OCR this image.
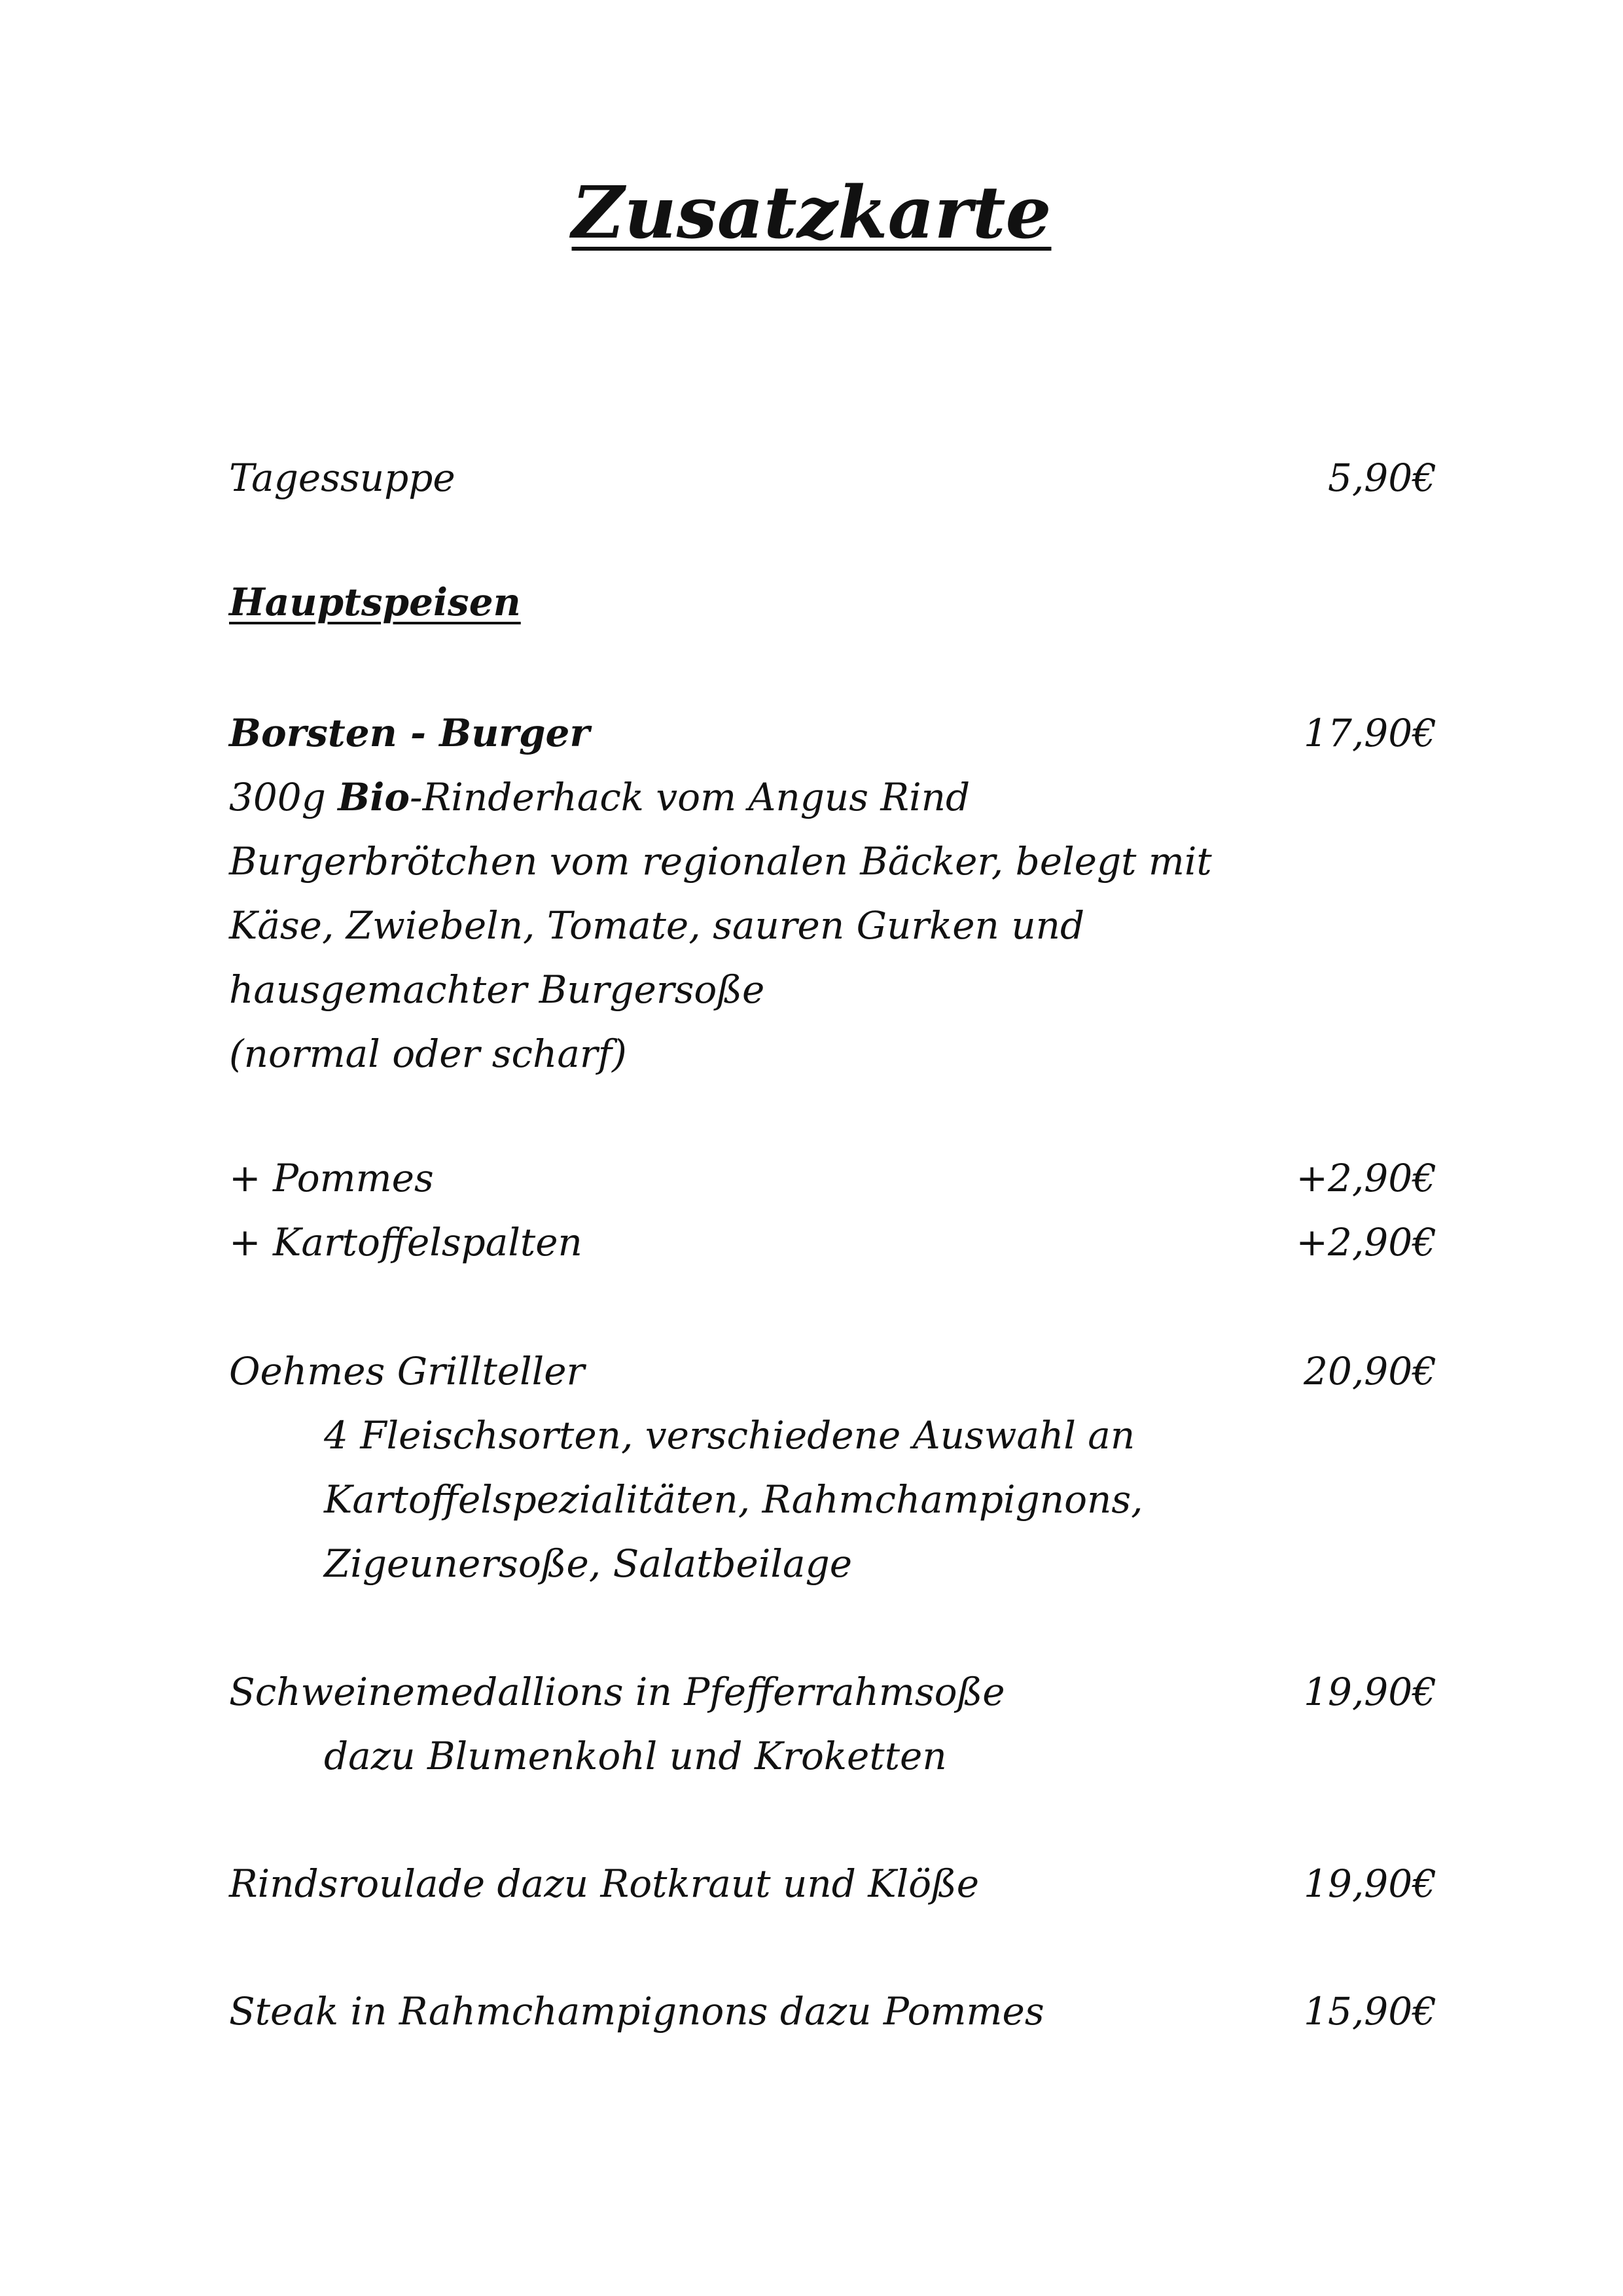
Zusatzkarte
Tagessuppe	5,90€
Hauptspeisen
Borsten - Burger	17,90€
300g Bio-Rinderhack vom Angus Rind
Burgerbrötchen vom regionalen Bäcker, belegt mit
Käse, Zwiebeln, Tomate, sauren Gurken und
hausgemachter Burgersoße
(normal oder scharf)
+ Pommes	+2,90€
+ Kartoffelspalten	+2,90€
Oehmes Grillteller	20,90€
4 Fleischsorten, verschiedene Auswahl an
Kartoffelspezialitäten, Rahmchampignons,
Zigeunersoße, Salatbeilage
Schweinemedallions in Pfefferrahmsoße	19,90€
dazu Blumenkohl und Kroketten
Rindsroulade dazu Rotkraut und Klöße	19,90€
Steak in Rahmchampignons dazu Pommes	15,90€
